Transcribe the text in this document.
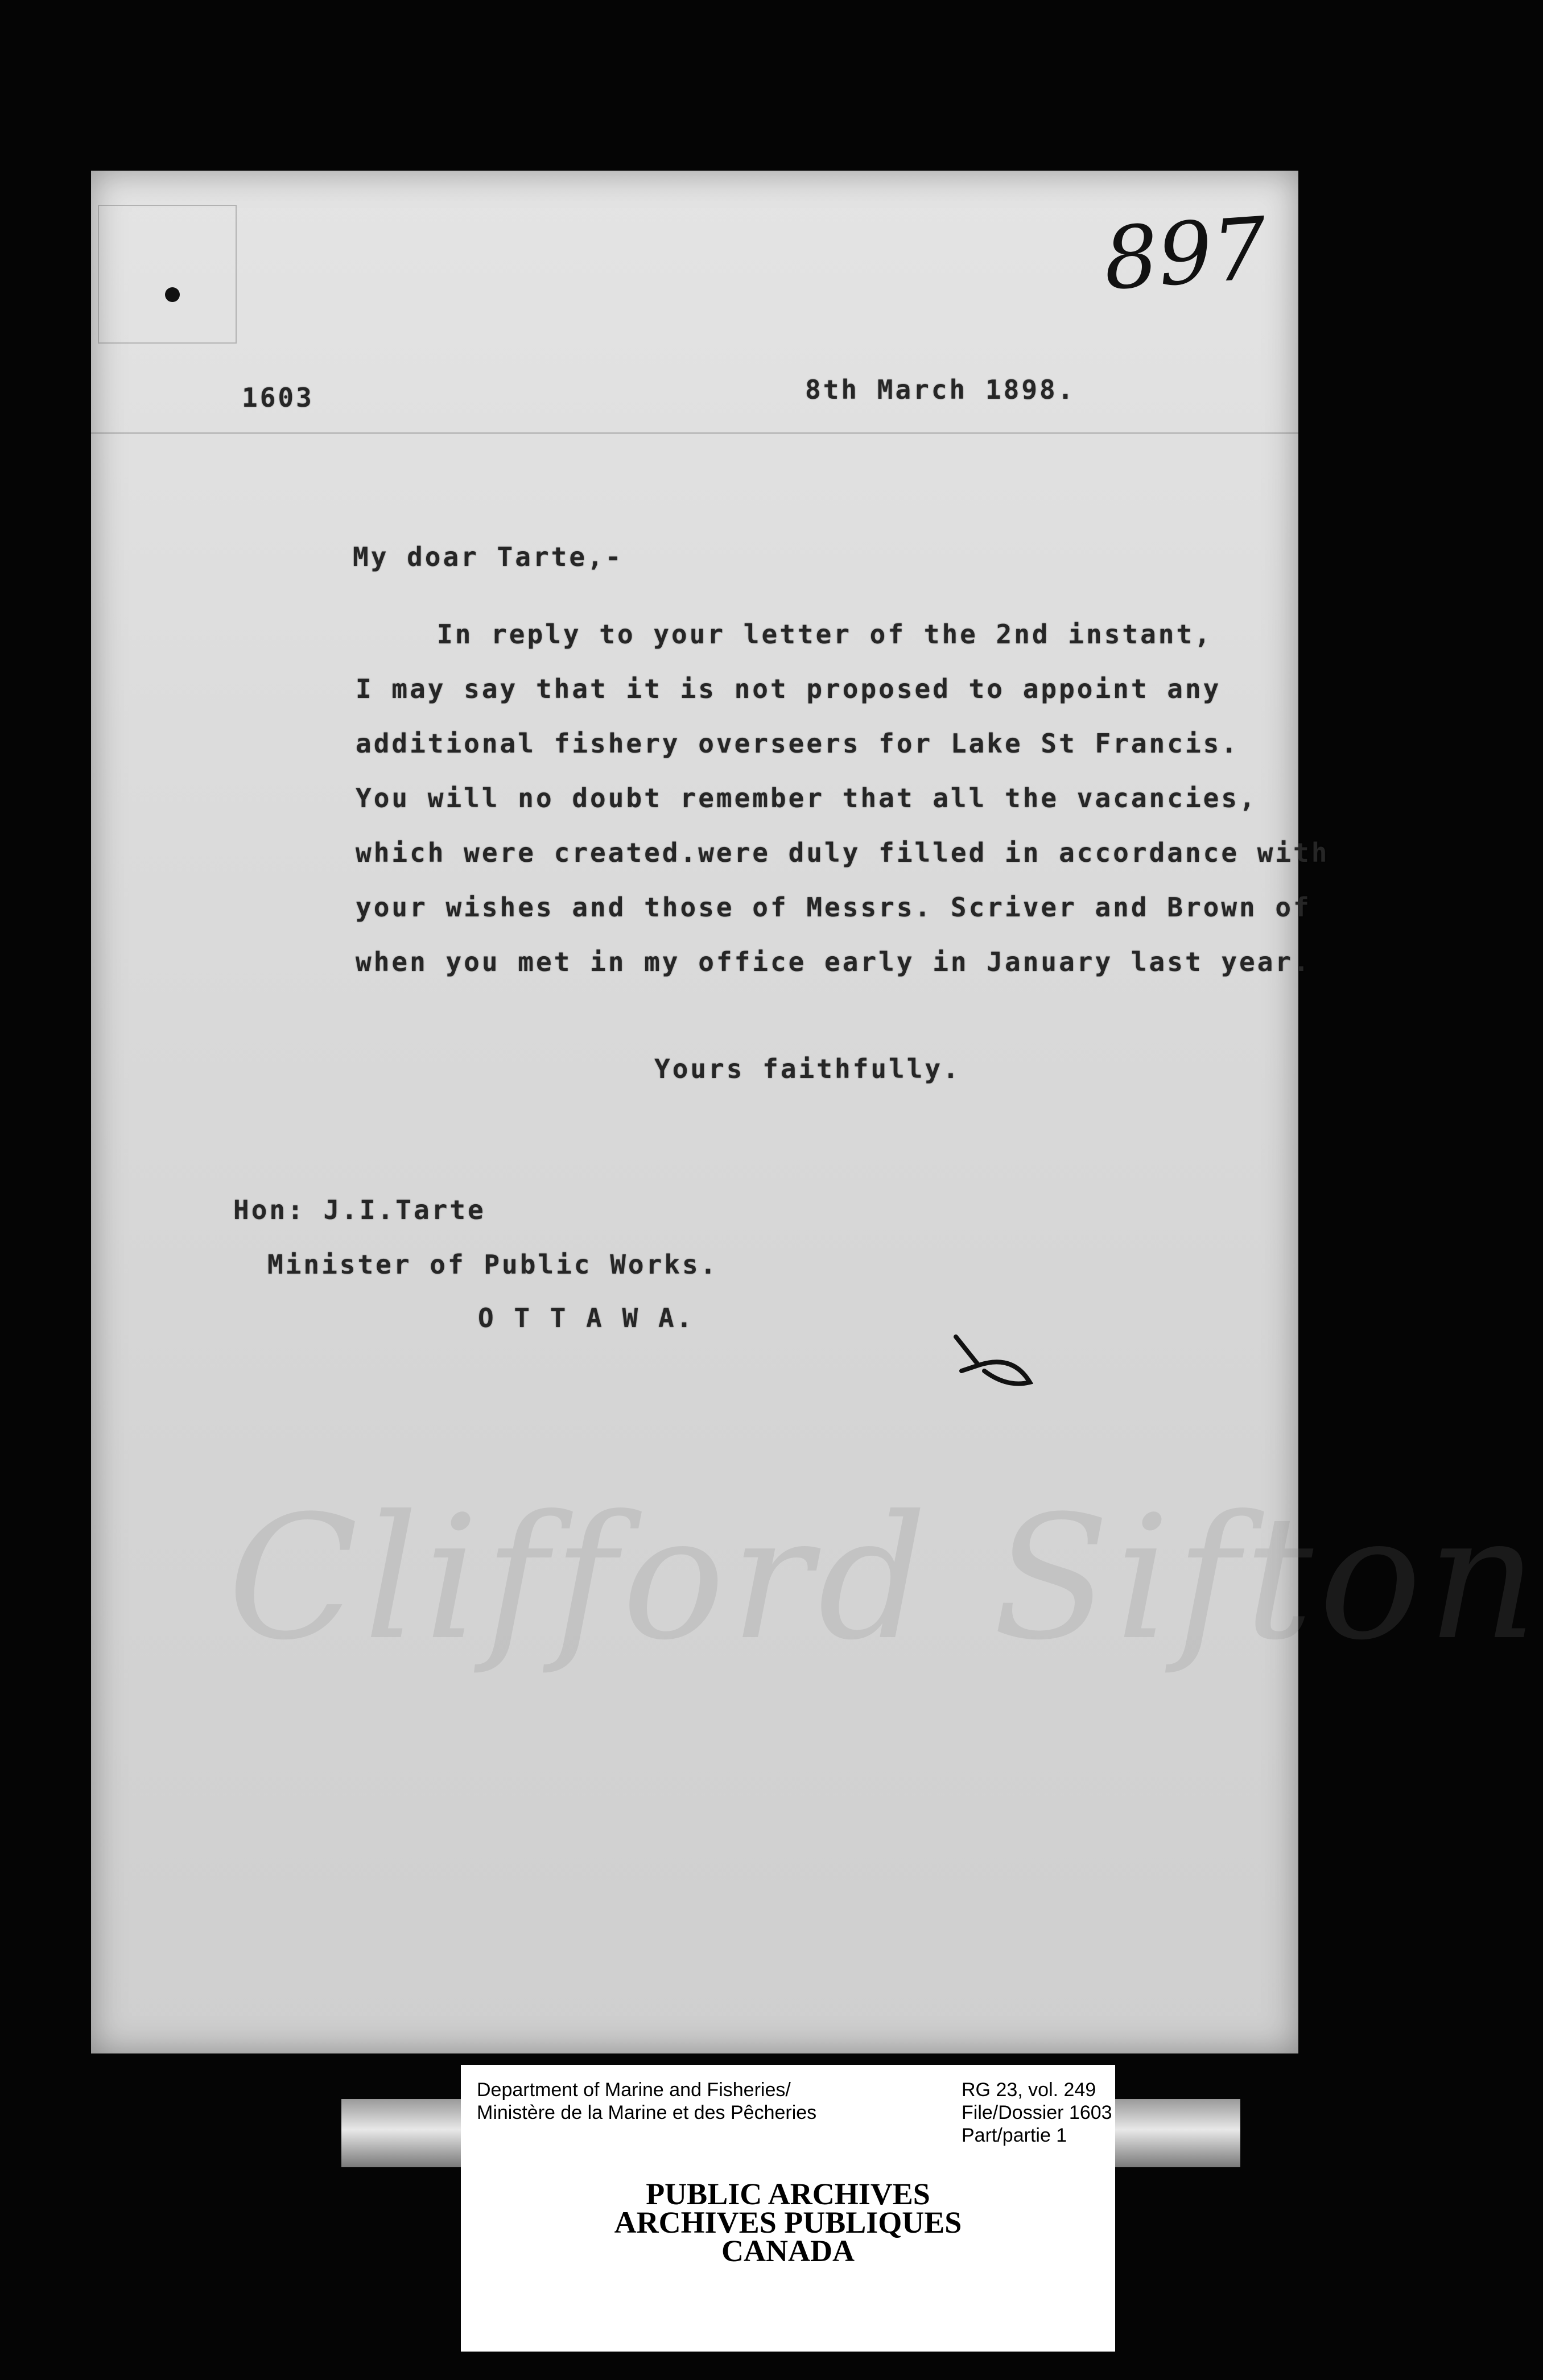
897
1603	8th March 1898.
My doar Tarte,-
In reply to your letter of the 2nd instant,
I may say that it is not proposed to appoint any
additional fishery overseers for Lake St Francis.
You will no doubt remember that all the vacancies,
which were created.were duly filled in accordance with
your wishes and those of Messrs. Scriver and Brown of
when you met in my office early in January last year.
Yours faithfully.
Hon: J.I.Tarte
Minister of Public Works.
O T T A W A.
Clifford Sifton
Department of Marine and Fisheries/
Ministère de la Marine et des Pêcheries
RG 23, vol. 249
File/Dossier 1603
Part/partie 1
PUBLIC ARCHIVES
ARCHIVES PUBLIQUES
CANADA
